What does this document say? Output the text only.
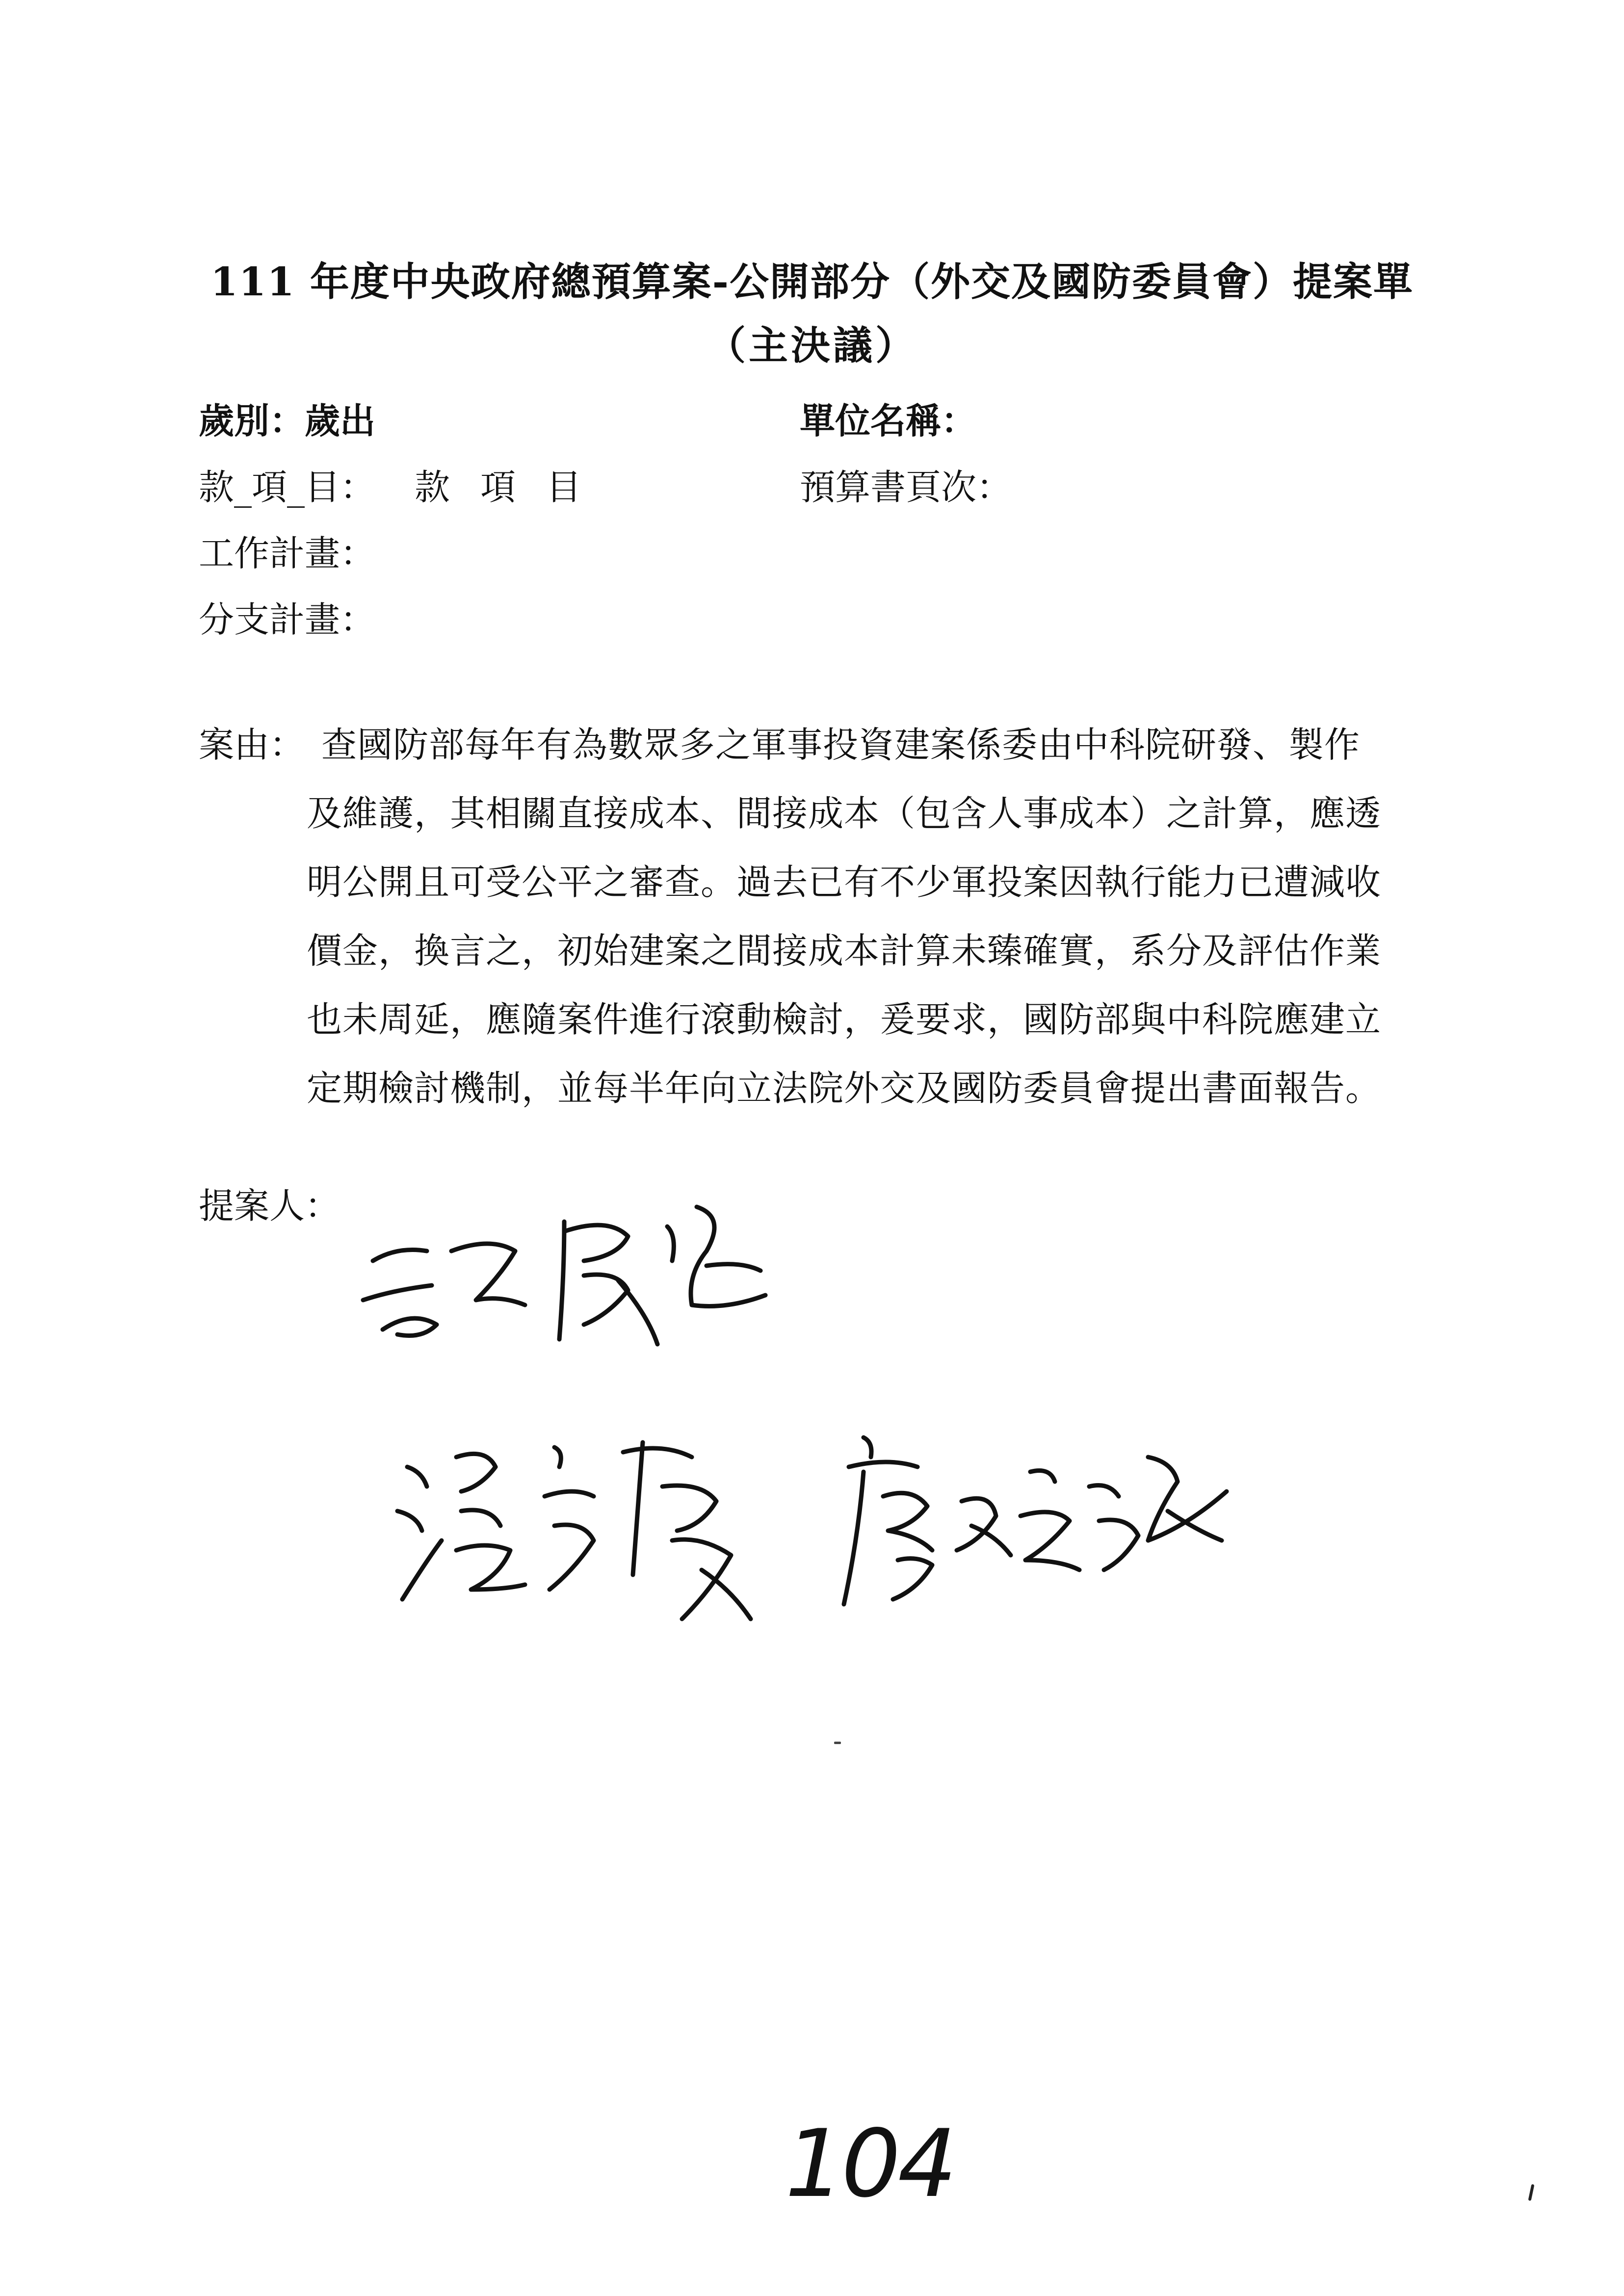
111 年度中央政府總預算案-公開部分（外交及國防委員會）提案單
（主決議）
歲別：歲出	單位名稱：
款_項_目： 款項目	預算書頁次：
工作計畫：
分支計畫：
案由： 查國防部每年有為數眾多之軍事投資建案係委由中科院研發、製作
及維護，其相關直接成本、間接成本（包含人事成本）之計算，應透
明公開且可受公平之審查。過去已有不少軍投案因執行能力已遭減收
價金，換言之，初始建案之間接成本計算未臻確實，系分及評估作業
也未周延，應隨案件進行滾動檢討，爰要求，國防部與中科院應建立
定期檢討機制，並每半年向立法院外交及國防委員會提出書面報告。
提案人：
104
